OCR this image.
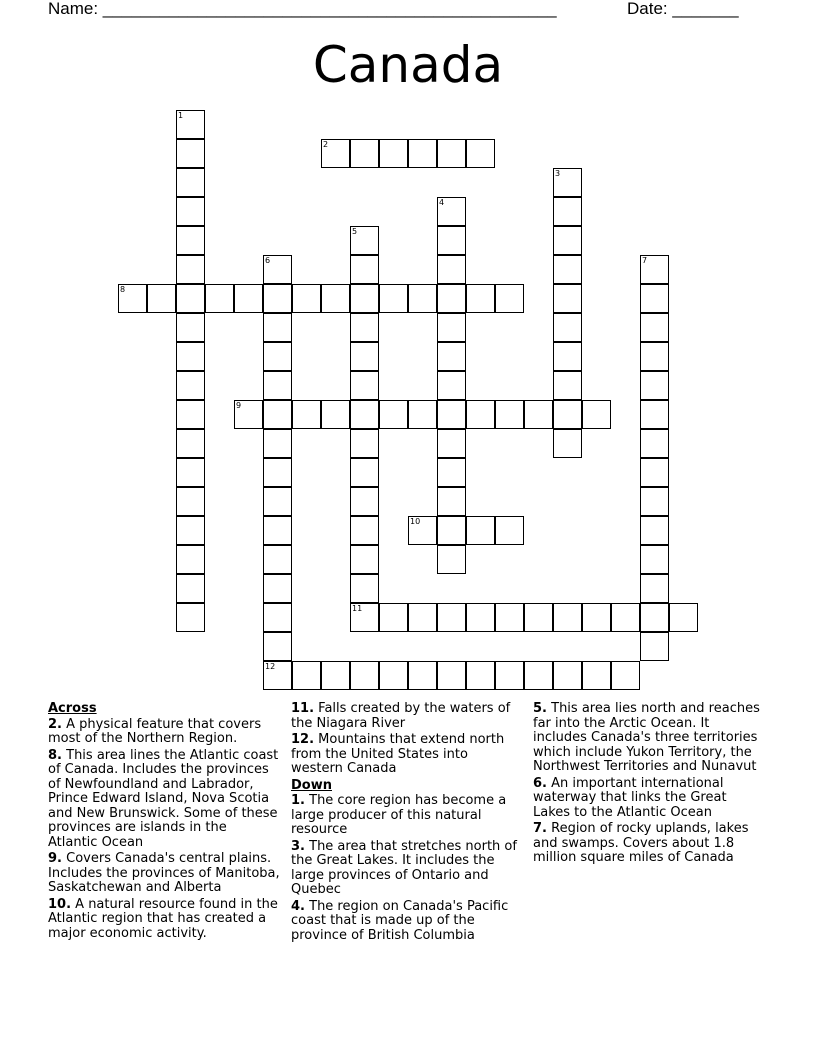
Name: ________________________________________________	Date: _______
Canada
1
2
3
4
5
6	7
8
9
10
11
12
Across
2. A physical feature that covers most of the Northern Region.
8. This area lines the Atlantic coast of Canada. Includes the provinces of Newfoundland and Labrador, Prince Edward Island, Nova Scotia and New Brunswick. Some of these provinces are islands in the Atlantic Ocean
9. Covers Canada's central plains. Includes the provinces of Manitoba, Saskatchewan and Alberta
10. A natural resource found in the Atlantic region that has created a major economic activity.
11. Falls created by the waters of the Niagara River
12. Mountains that extend north from the United States into western Canada
Down
1. The core region has become a large producer of this natural resource
3. The area that stretches north of the Great Lakes. It includes the large provinces of Ontario and Quebec
4. The region on Canada's Pacific coast that is made up of the province of British Columbia
5. This area lies north and reaches far into the Arctic Ocean. It includes Canada's three territories which include Yukon Territory, the Northwest Territories and Nunavut
6. An important international waterway that links the Great Lakes to the Atlantic Ocean
7. Region of rocky uplands, lakes and swamps. Covers about 1.8 million square miles of Canada
